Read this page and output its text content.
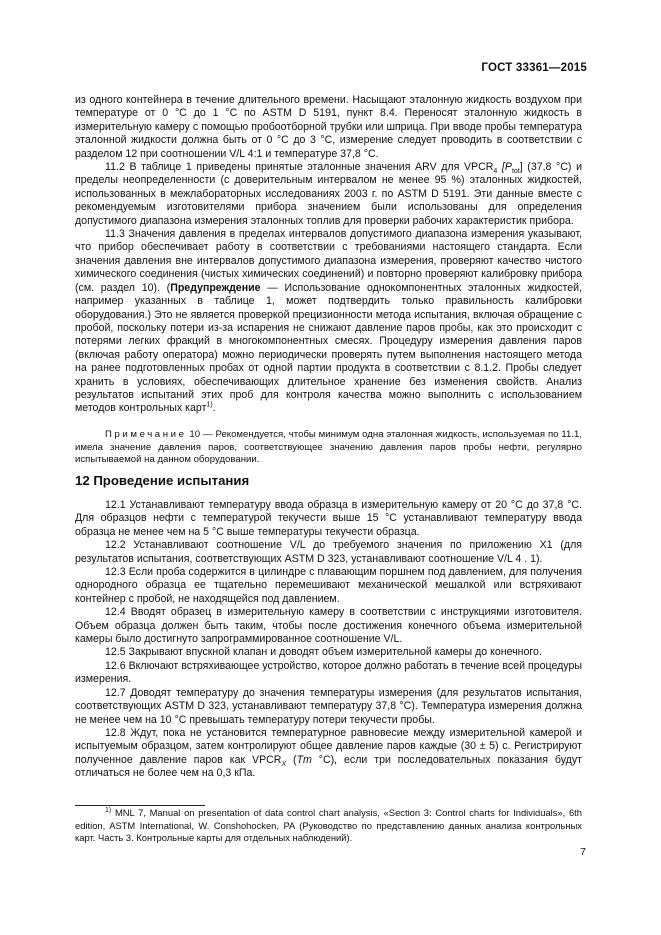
ГОСТ 33361—2015

из одного контейнера в течение длительного времени. Насыщают эталонную жидкость воздухом при температуре от 0 °С до 1 °С по ASTM D 5191, пункт 8.4. Переносят эталонную жидкость в измерительную камеру с помощью пробоотборной трубки или шприца. При вводе пробы температура эталонной жидкости должна быть от 0 °С до 3 °С, измерение следует проводить в соответствии с разделом 12 при соотношении V/L 4:1 и температуре 37,8 °С.

11.2 В таблице 1 приведены принятые эталонные значения ARV для $VPCR_4$ $[P_{tot}]$ (37,8 °С) и пределы неопределенности (с доверительным интервалом не менее 95 %) эталонных жидкостей, использованных в межлабораторных исследованиях 2003 г. по ASTM D 5191. Эти данные вместе с рекомендуемым изготовителями прибора значением были использованы для определения допустимого диапазона измерения эталонных топлив для проверки рабочих характеристик прибора.

11.3 Значения давления в пределах интервалов допустимого диапазона измерения указывают, что прибор обеспечивает работу в соответствии с требованиями настоящего стандарта. Если значения давления вне интервалов допустимого диапазона измерения, проверяют качество чистого химического соединения (чистых химических соединений) и повторно проверяют калибровку прибора (см. раздел 10). (Предупреждение — Использование однокомпонентных эталонных жидкостей, например указанных в таблице 1, может подтвердить только правильность калибровки оборудования.) Это не является проверкой прецизионности метода испытания, включая обращение с пробой, поскольку потери из-за испарения не снижают давление паров пробы, как это происходит с потерями легких фракций в многокомпонентных смесях. Процедуру измерения давления паров (включая работу оператора) можно периодически проверять путем выполнения настоящего метода на ранее подготовленных пробах от одной партии продукта в соответствии с 8.1.2. Пробы следует хранить в условиях, обеспечивающих длительное хранение без изменения свойств. Анализ результатов испытаний этих проб для контроля качества можно выполнить с использованием методов контрольных карт$^{1)}$.

Примечание 10 — Рекомендуется, чтобы минимум одна эталонная жидкость, используемая по 11.1, имела значение давления паров, соответствующее значению давления паров пробы нефти, регулярно испытываемой на данном оборудовании.

12 Проведение испытания

12.1 Устанавливают температуру ввода образца в измерительную камеру от 20 °С до 37,8 °С. Для образцов нефти с температурой текучести выше 15 °С устанавливают температуру ввода образца не менее чем на 5 °С выше температуры текучести образца.

12.2 Устанавливают соотношение V/L до требуемого значения по приложению Х1 (для результатов испытания, соответствующих ASTM D 323, устанавливают соотношение V/L 4 . 1).

12.3 Если проба содержится в цилиндре с плавающим поршнем под давлением, для получения однородного образца ее тщательно перемешивают механической мешалкой или встряхивают контейнер с пробой, не находящейся под давлением.

12.4 Вводят образец в измерительную камеру в соответствии с инструкциями изготовителя. Объем образца должен быть таким, чтобы после достижения конечного объема измерительной камеры было достигнуто запрограммированное соотношение V/L.

12.5 Закрывают впускной клапан и доводят объем измерительной камеры до конечного.

12.6 Включают встряхивающее устройство, которое должно работать в течение всей процедуры измерения.

12.7 Доводят температуру до значения температуры измерения (для результатов испытания, соответствующих ASTM D 323, устанавливают температуру 37,8 °С). Температура измерения должна не менее чем на 10 °С превышать температуру потери текучести пробы.

12.8 Ждут, пока не установится температурное равновесие между измерительной камерой и испытуемым образцом, затем контролируют общее давление паров каждые (30 ± 5) с. Регистрируют полученное давление паров как $VPCR_X$ (Tm °С), если три последовательных показания будут отличаться не более чем на 0,3 кПа.

$^{1)}$ MNL 7, Manual on presentation of data control chart analysis, «Section 3: Control charts for Individuals», 6th edition, ASTM International, W. Conshohocken, PA (Руководство по представлению данных анализа контрольных карт. Часть 3. Контрольные карты для отдельных наблюдений).

7
